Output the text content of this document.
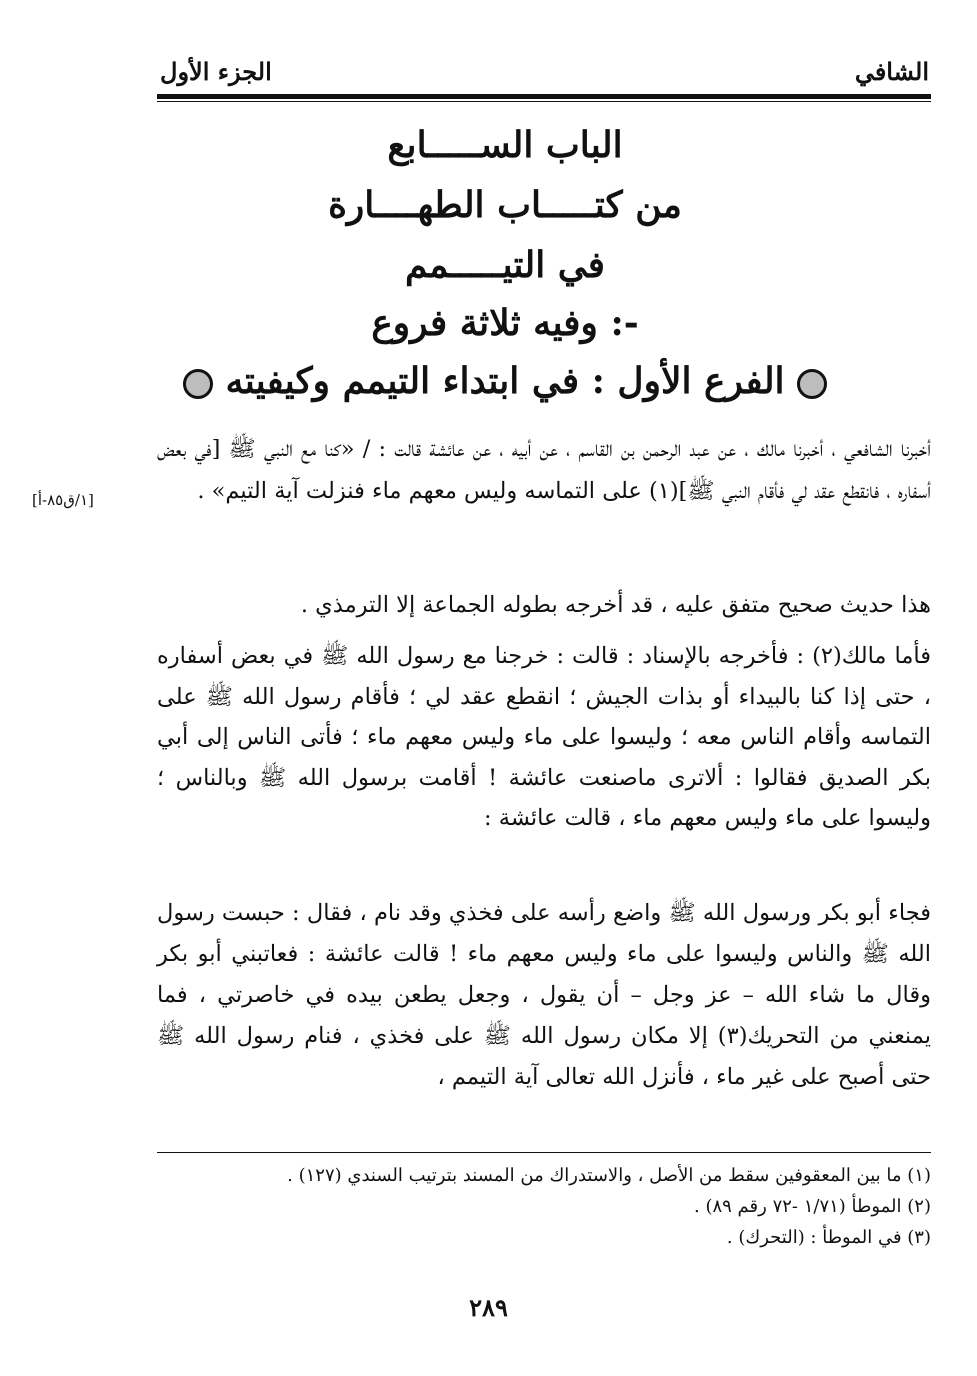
الشافي
الجزء الأول
الباب الســـــابع
من كتـــــاب الطهــــارة
في التيـــــمم
وفيه ثلاثة فروع :-
الفرع الأول : في ابتداء التيمم وكيفيته
[١/ق٨٥-أ]

أخبرنا الشافعي ، أخبرنا مالك ، عن عبد الرحمن بن القاسم ، عن أبيه ، عن عائشة قالت : / «كنا مع النبي ﷺ [في بعض أسفاره ، فانقطع عقد لي فأقام النبي ﷺ](١) على التماسه وليس معهم ماء فنزلت آية التيم» .

هذا حديث صحيح متفق عليه ، قد أخرجه بطوله الجماعة إلا الترمذي .

فأما مالك(٢) : فأخرجه بالإسناد : قالت : خرجنا مع رسول الله ﷺ في بعض أسفاره ، حتى إذا كنا بالبيداء أو بذات الجيش ؛ انقطع عقد لي ؛ فأقام رسول الله ﷺ على التماسه وأقام الناس معه ؛ وليسوا على ماء وليس معهم ماء ؛ فأتى الناس إلى أبي بكر الصديق فقالوا : ألاترى ماصنعت عائشة ! أقامت برسول الله ﷺ وبالناس ؛ وليسوا على ماء وليس معهم ماء ، قالت عائشة :

فجاء أبو بكر ورسول الله ﷺ واضع رأسه على فخذي وقد نام ، فقال : حبست رسول الله ﷺ والناس وليسوا على ماء وليس معهم ماء ! قالت عائشة : فعاتبني أبو بكر وقال ما شاء الله – عز وجل – أن يقول ، وجعل يطعن بيده في خاصرتي ، فما يمنعني من التحريك(٣) إلا مكان رسول الله ﷺ على فخذي ، فنام رسول الله ﷺ حتى أصبح على غير ماء ، فأنزل الله تعالى آية التيمم ،

(١) ما بين المعقوفين سقط من الأصل ، والاستدراك من المسند بترتيب السندي (١٢٧) .

(٢) الموطأ (١/٧١ -٧٢ رقم ٨٩) .

(٣) في الموطأ : (التحرك) .

٢٨٩
